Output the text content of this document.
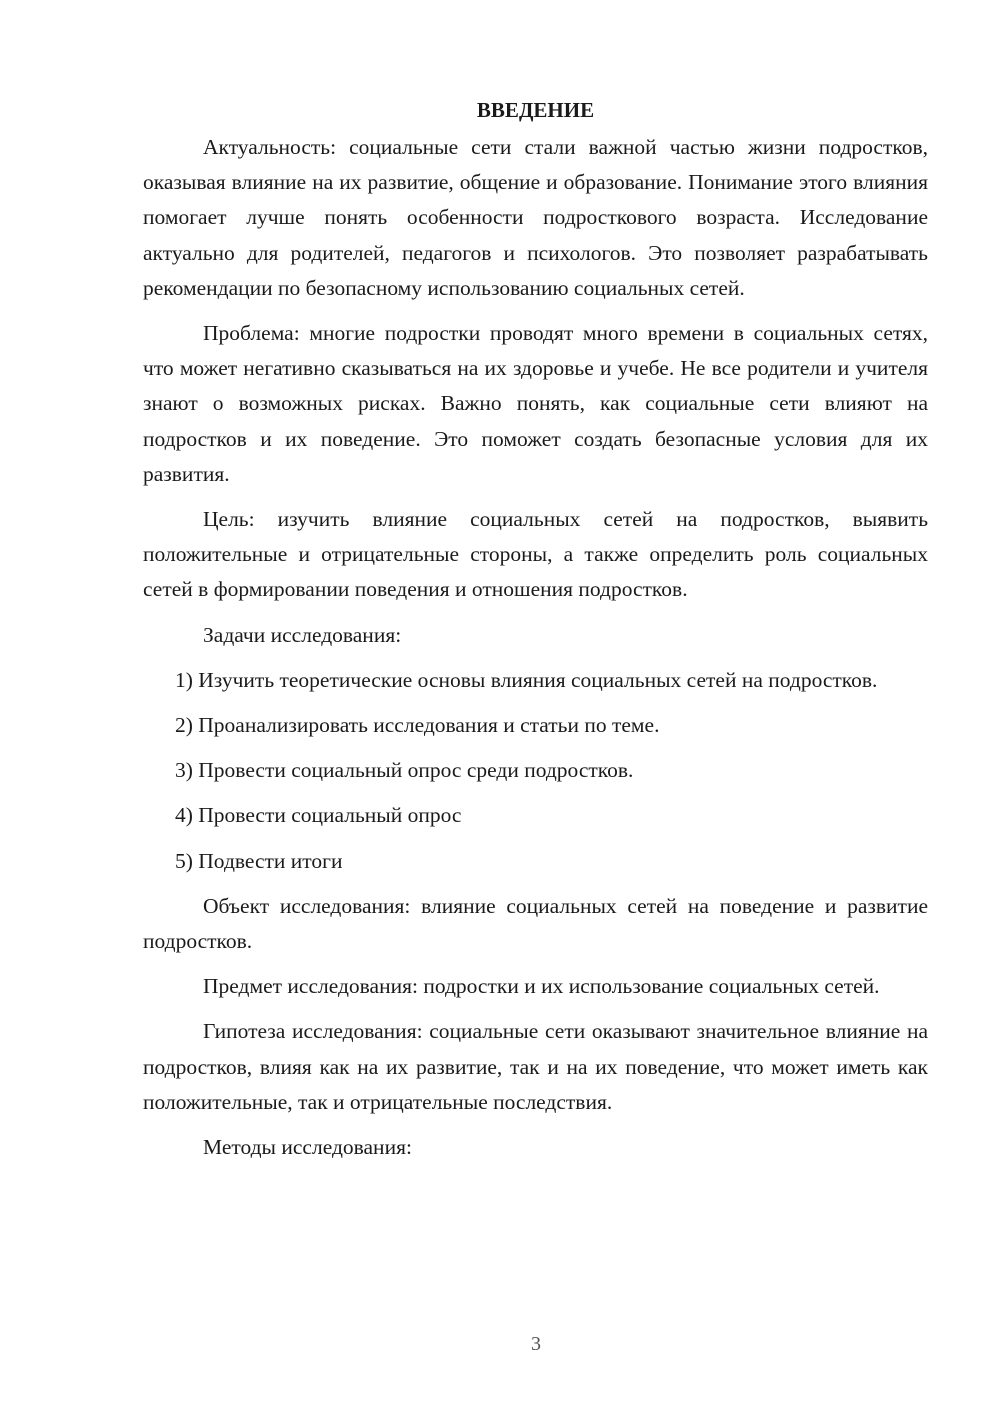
ВВЕДЕНИЕ

Актуальность: социальные сети стали важной частью жизни подростков, оказывая влияние на их развитие, общение и образование. Понимание этого влияния помогает лучше понять особенности подросткового возраста. Исследование актуально для родителей, педагогов и психологов. Это позволяет разрабатывать рекомендации по безопасному использованию социальных сетей.

Проблема: многие подростки проводят много времени в социальных сетях, что может негативно сказываться на их здоровье и учебе. Не все родители и учителя знают о возможных рисках. Важно понять, как социальные сети влияют на подростков и их поведение. Это поможет создать безопасные условия для их развития.

Цель: изучить влияние социальных сетей на подростков, выявить положительные и отрицательные стороны, а также определить роль социальных сетей в формировании поведения и отношения подростков.

Задачи исследования:

1) Изучить теоретические основы влияния социальных сетей на подростков.

2) Проанализировать исследования и статьи по теме.

3) Провести социальный опрос среди подростков.

4) Провести социальный опрос

5) Подвести итоги

Объект исследования: влияние социальных сетей на поведение и развитие подростков.

Предмет исследования: подростки и их использование социальных сетей.

Гипотеза исследования: социальные сети оказывают значительное влияние на подростков, влияя как на их развитие, так и на их поведение, что может иметь как положительные, так и отрицательные последствия.

Методы исследования:

3
